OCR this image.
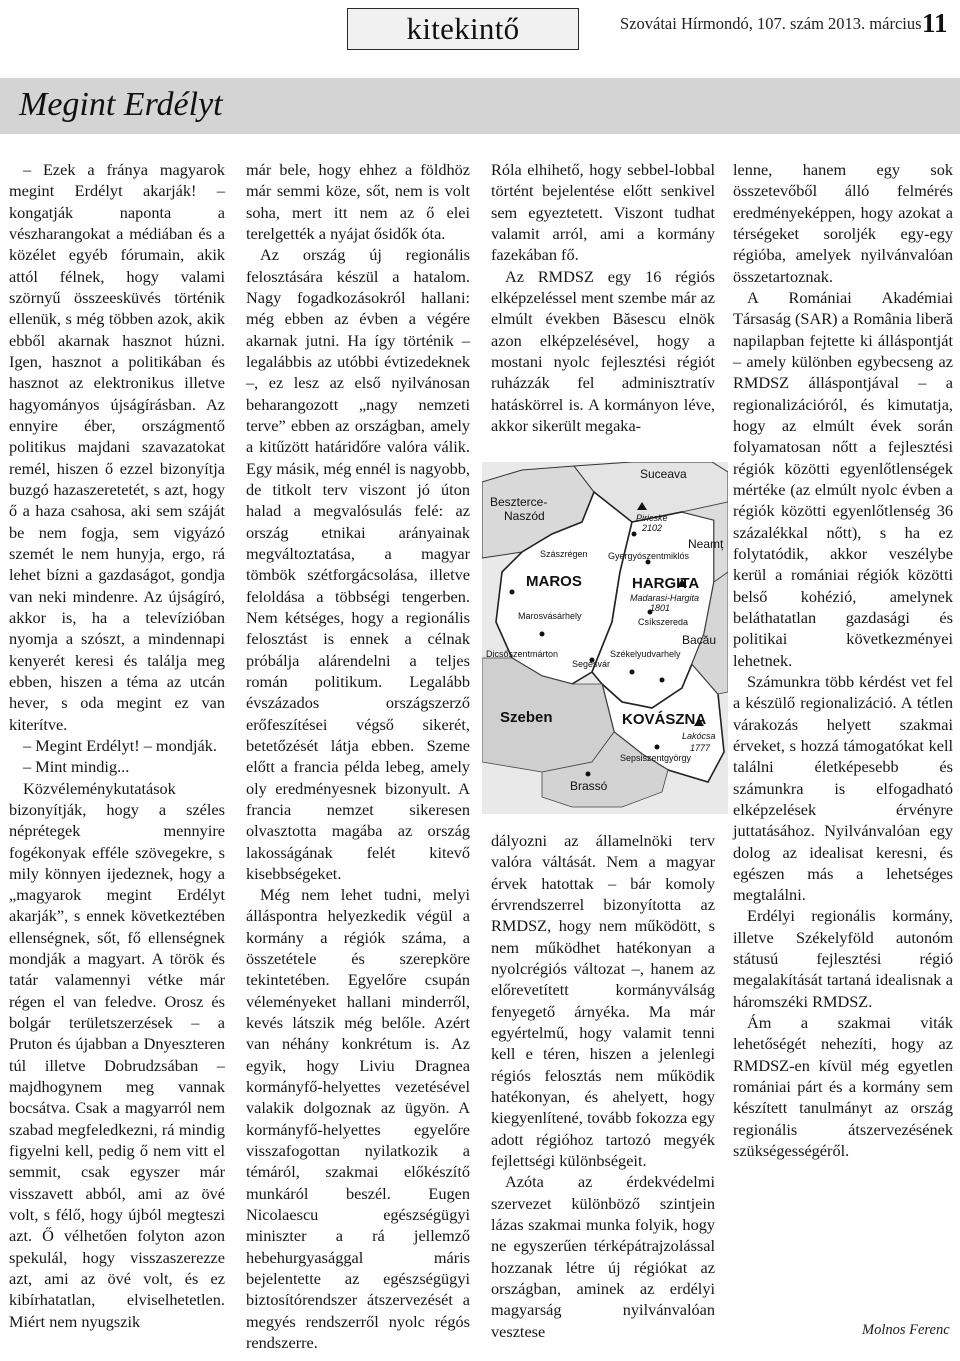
kitekintő	Szovátai Hírmondó, 107. szám 2013. március 11
Megint Erdélyt

– Ezek a fránya magyarok megint Erdélyt akarják! – kongatják naponta a vészharangokat a médiában és a közélet egyéb fórumain, akik attól félnek, hogy valami szörnyű összeesküvés történik ellenük, s még többen azok, akik ebből akarnak hasznot húzni. Igen, hasznot a politikában és hasznot az elektronikus illetve hagyományos újságírásban. Az ennyire éber, országmentő politikus majdani szavazatokat remél, hiszen ő ezzel bizonyítja buzgó hazaszeretetét, s azt, hogy ő a haza csahosa, aki sem száját be nem fogja, sem vigyázó szemét le nem hunyja, ergo, rá lehet bízni a gazdaságot, gondja van neki mindenre. Az újságíró, akkor is, ha a televízióban nyomja a szószt, a mindennapi kenyerét keresi és találja meg ebben, hiszen a téma az utcán hever, s oda megint ez van kiterítve.

– Megint Erdélyt! – mondják.

– Mint mindig...

Közvéleménykutatások bizonyítják, hogy a széles néprétegek mennyire fogékonyak efféle szövegekre, s mily könnyen ijedeznek, hogy a „magyarok megint Erdélyt akarják”, s ennek következtében ellenségnek, sőt, fő ellenségnek mondják a magyart. A török és tatár valamennyi vétke már régen el van feledve. Orosz és bolgár területszerzések – a Pruton és újabban a Dnyeszteren túl illetve Dobrudzsában – majdhogynem meg vannak bocsátva. Csak a magyarról nem szabad megfeledkezni, rá mindig figyelni kell, pedig ő nem vitt el semmit, csak egyszer már visszavett abból, ami az övé volt, s félő, hogy újból megteszi azt. Ő vélhetően folyton azon spekulál, hogy visszaszerezze azt, ami az övé volt, és ez kibírhatatlan, elviselhetetlen. Miért nem nyugszik

már bele, hogy ehhez a földhöz már semmi köze, sőt, nem is volt soha, mert itt nem az ő elei terelgették a nyájat ősidők óta.

Az ország új regionális felosztására készül a hatalom. Nagy fogadkozásokról hallani: még ebben az évben a végére akarnak jutni. Ha így történik – legalábbis az utóbbi évtizedeknek –, ez lesz az első nyilvánosan beharangozott „nagy nemzeti terve” ebben az országban, amely a kitűzött határidőre valóra válik. Egy másik, még ennél is nagyobb, de titkolt terv viszont jó úton halad a megvalósulás felé: az ország etnikai arányainak megváltoztatása, a magyar tömbök szétforgácsolása, illetve feloldása a többségi tengerben. Nem kétséges, hogy a regionális felosztást is ennek a célnak próbálja alárendelni a teljes román politikum. Legalább évszázados országszerző erőfeszítései végső sikerét, betetőzését látja ebben. Szeme előtt a francia példa lebeg, amely oly eredményesnek bizonyult. A francia nemzet sikeresen olvasztotta magába az ország lakosságának felét kitevő kisebbségeket.

Még nem lehet tudni, melyi álláspontra helyezkedik végül a kormány a régiók száma, a összetétele és szerepköre tekintetében. Egyelőre csupán véleményeket hallani minderről, kevés látszik még belőle. Azért van néhány konkrétum is. Az egyik, hogy Liviu Dragnea kormányfő-helyettes vezetésével valakik dolgoznak az ügyön. A kormányfő-helyettes egyelőre visszafogottan nyilatkozik a témáról, szakmai előkészítő munkáról beszél. Eugen Nicolaescu egészségügyi miniszter a rá jellemző hebehurgyasággal máris bejelentette az egészségügyi biztosítórendszer átszervezését a megyés rendszerről nyolc régós rendszerre.

Róla elhihető, hogy sebbel-lobbal történt bejelentése előtt senkivel sem egyeztetett. Viszont tudhat valamit arról, ami a kormány fazekában fő.

Az RMDSZ egy 16 régiós elképzeléssel ment szembe már az elmúlt években Băsescu elnök azon elképzelésével, hogy a mostani nyolc fejlesztési régiót ruházzák fel adminisztratív hatáskörrel is. A kormányon léve, akkor sikerült megaka-

Suceava
Beszterce-
Naszód	Piricske
2102
Szászrégen Gyergyószentmiklós
Neamț
MAROS	HARGITA
Madarasi-Hargita
1801
Marosvásárhely
Csíkszereda
Bacău
Segesvár
Dicsőszentmárton	Székelyudvarhely
Szeben	KOVÁSZNA
Lakócsa
1777
Sepsiszentgyörgy
Brassó

dályozni az államelnöki terv valóra váltását. Nem a magyar érvek hatottak – bár komoly érvrendszerrel bizonyította az RMDSZ, hogy nem működött, s nem működhet hatékonyan a nyolcrégiós változat –, hanem az előrevetített kormányválság fenyegető árnyéka. Ma már egyértelmű, hogy valamit tenni kell e téren, hiszen a jelenlegi régiós felosztás nem működik hatékonyan, és ahelyett, hogy kiegyenlítené, tovább fokozza egy adott régióhoz tartozó megyék fejlettségi különbségeit.

Azóta az érdekvédelmi szervezet különböző szintjein lázas szakmai munka folyik, hogy ne egyszerűen térképátrajzolással hozzanak létre új régiókat az országban, aminek az erdélyi magyarság nyilvánvalóan vesztese

lenne, hanem egy sok összetevőből álló felmérés eredményeképpen, hogy azokat a térségeket soroljék egy-egy régióba, amelyek nyilvánvalóan összetartoznak.

A Romániai Akadémiai Társaság (SAR) a România liberă napilapban fejtette ki álláspontját – amely különben egybecseng az RMDSZ álláspontjával – a regionalizációról, és kimutatja, hogy az elmúlt évek során folyamatosan nőtt a fejlesztési régiók közötti egyenlőtlenségek mértéke (az elmúlt nyolc évben a régiók közötti egyenlőtlenség 36 százalékkal nőtt), s ha ez folytatódik, akkor veszélybe kerül a romániai régiók közötti belső kohézió, amelynek beláthatatlan gazdasági és politikai következményei lehetnek.

Számunkra több kérdést vet fel a készülő regionalizáció. A tétlen várakozás helyett szakmai érveket, s hozzá támogatókat kell találni életképesebb és számunkra is elfogadható elképzelések érvényre juttatásához. Nyilvánvalóan egy dolog az idealisat keresni, és egészen más a lehetséges megtalálni.

Erdélyi regionális kormány, illetve Székelyföld autonóm státusú fejlesztési régió megalakítását tartaná idealisnak a háromszéki RMDSZ.

Ám a szakmai viták lehetőségét nehezíti, hogy az RMDSZ-en kívül még egyetlen romániai párt és a kormány sem készített tanulmányt az ország regionális átszervezésének szükségességéről.

Molnos Ferenc
